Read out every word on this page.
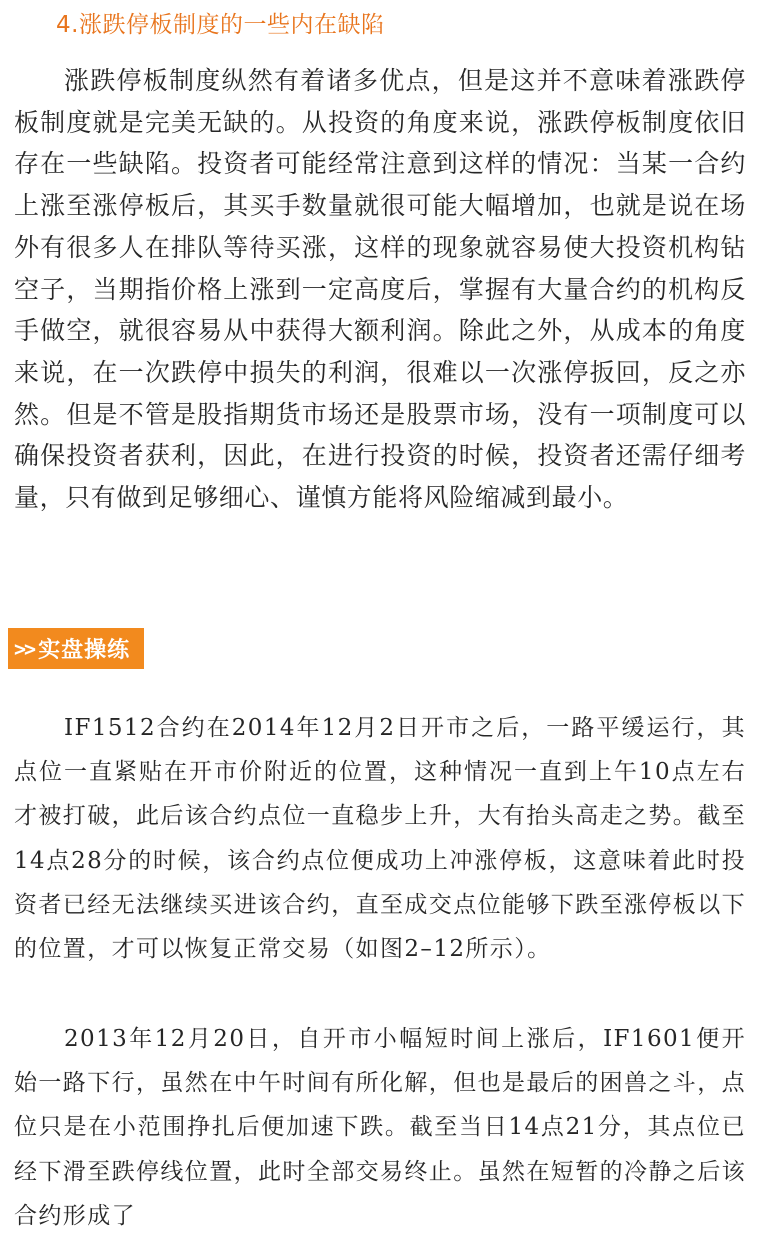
4.涨跌停板制度的一些内在缺陷

涨跌停板制度纵然有着诸多优点，但是这并不意味着涨跌停板制度就是完美无缺的。从投资的角度来说，涨跌停板制度依旧存在一些缺陷。投资者可能经常注意到这样的情况：当某一合约上涨至涨停板后，其买手数量就很可能大幅增加，也就是说在场外有很多人在排队等待买涨，这样的现象就容易使大投资机构钻空子，当期指价格上涨到一定高度后，掌握有大量合约的机构反手做空，就很容易从中获得大额利润。除此之外，从成本的角度来说，在一次跌停中损失的利润，很难以一次涨停扳回，反之亦然。但是不管是股指期货市场还是股票市场，没有一项制度可以确保投资者获利，因此，在进行投资的时候，投资者还需仔细考量，只有做到足够细心、谨慎方能将风险缩减到最小。

>> 实盘操练

IF1512合约在2014年12月2日开市之后，一路平缓运行，其点位一直紧贴在开市价附近的位置，这种情况一直到上午10点左右才被打破，此后该合约点位一直稳步上升，大有抬头高走之势。截至14点28分的时候，该合约点位便成功上冲涨停板，这意味着此时投资者已经无法继续买进该合约，直至成交点位能够下跌至涨停板以下的位置，才可以恢复正常交易（如图2–12所示）。

2013年12月20日，自开市小幅短时间上涨后，IF1601便开始一路下行，虽然在中午时间有所化解，但也是最后的困兽之斗，点位只是在小范围挣扎后便加速下跌。截至当日14点21分，其点位已经下滑至跌停线位置，此时全部交易终止。虽然在短暂的冷静之后该合约形成了
